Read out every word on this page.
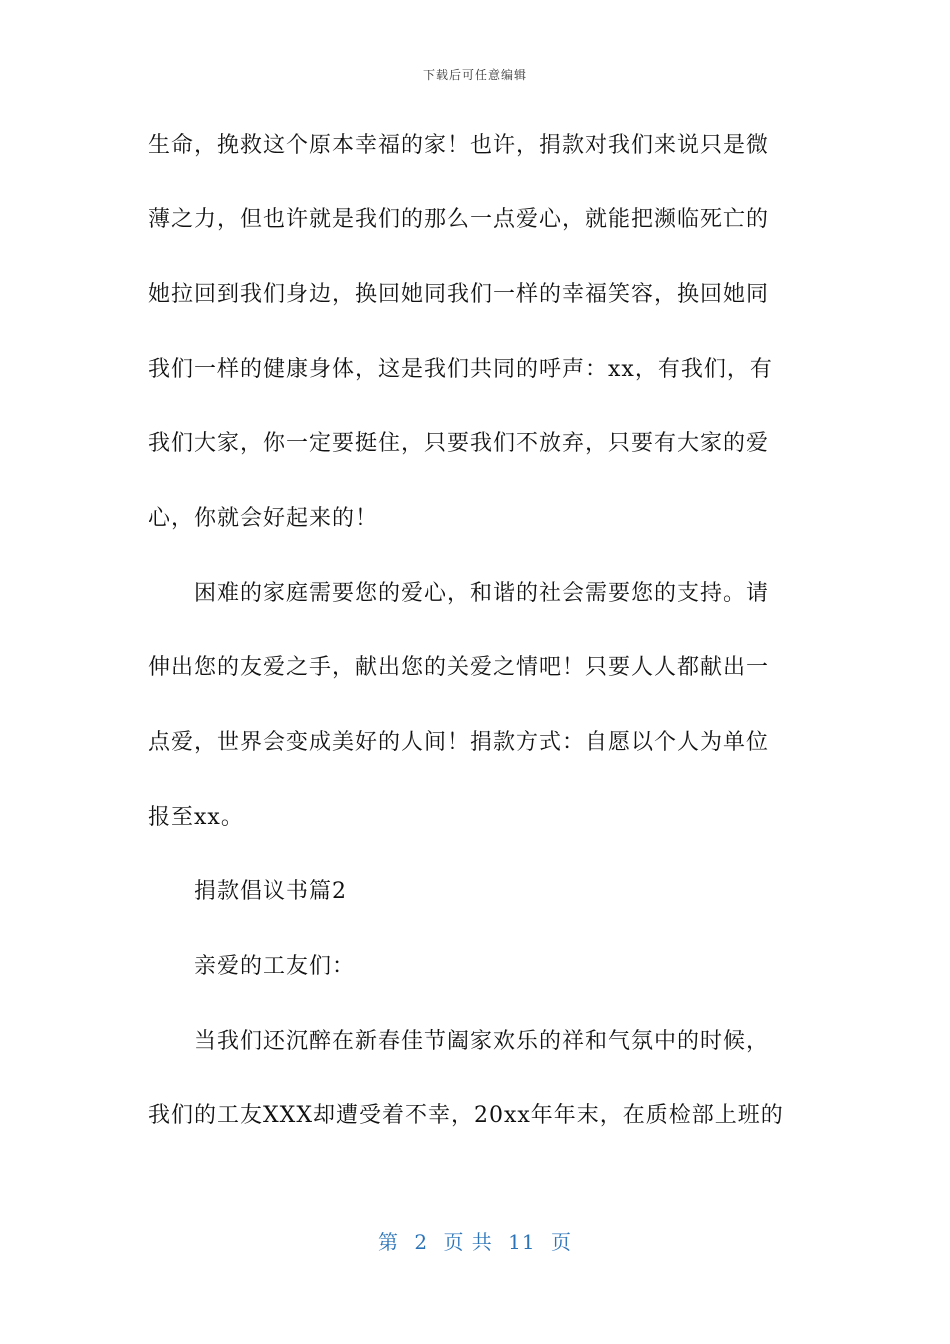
下载后可任意编辑
生命，挽救这个原本幸福的家！也许，捐款对我们来说只是微
薄之力，但也许就是我们的那么一点爱心，就能把濒临死亡的
她拉回到我们身边，换回她同我们一样的幸福笑容，换回她同
我们一样的健康身体，这是我们共同的呼声：xx，有我们，有
我们大家，你一定要挺住，只要我们不放弃，只要有大家的爱
心，你就会好起来的！
　　困难的家庭需要您的爱心，和谐的社会需要您的支持。请
伸出您的友爱之手，献出您的关爱之情吧！只要人人都献出一
点爱，世界会变成美好的人间！捐款方式：自愿以个人为单位
报至xx。
　　捐款倡议书篇2
　　亲爱的工友们：
　　当我们还沉醉在新春佳节阖家欢乐的祥和气氛中的时候，
我们的工友XXX却遭受着不幸，20xx年年末，在质检部上班的
第 2 页 共 11 页
